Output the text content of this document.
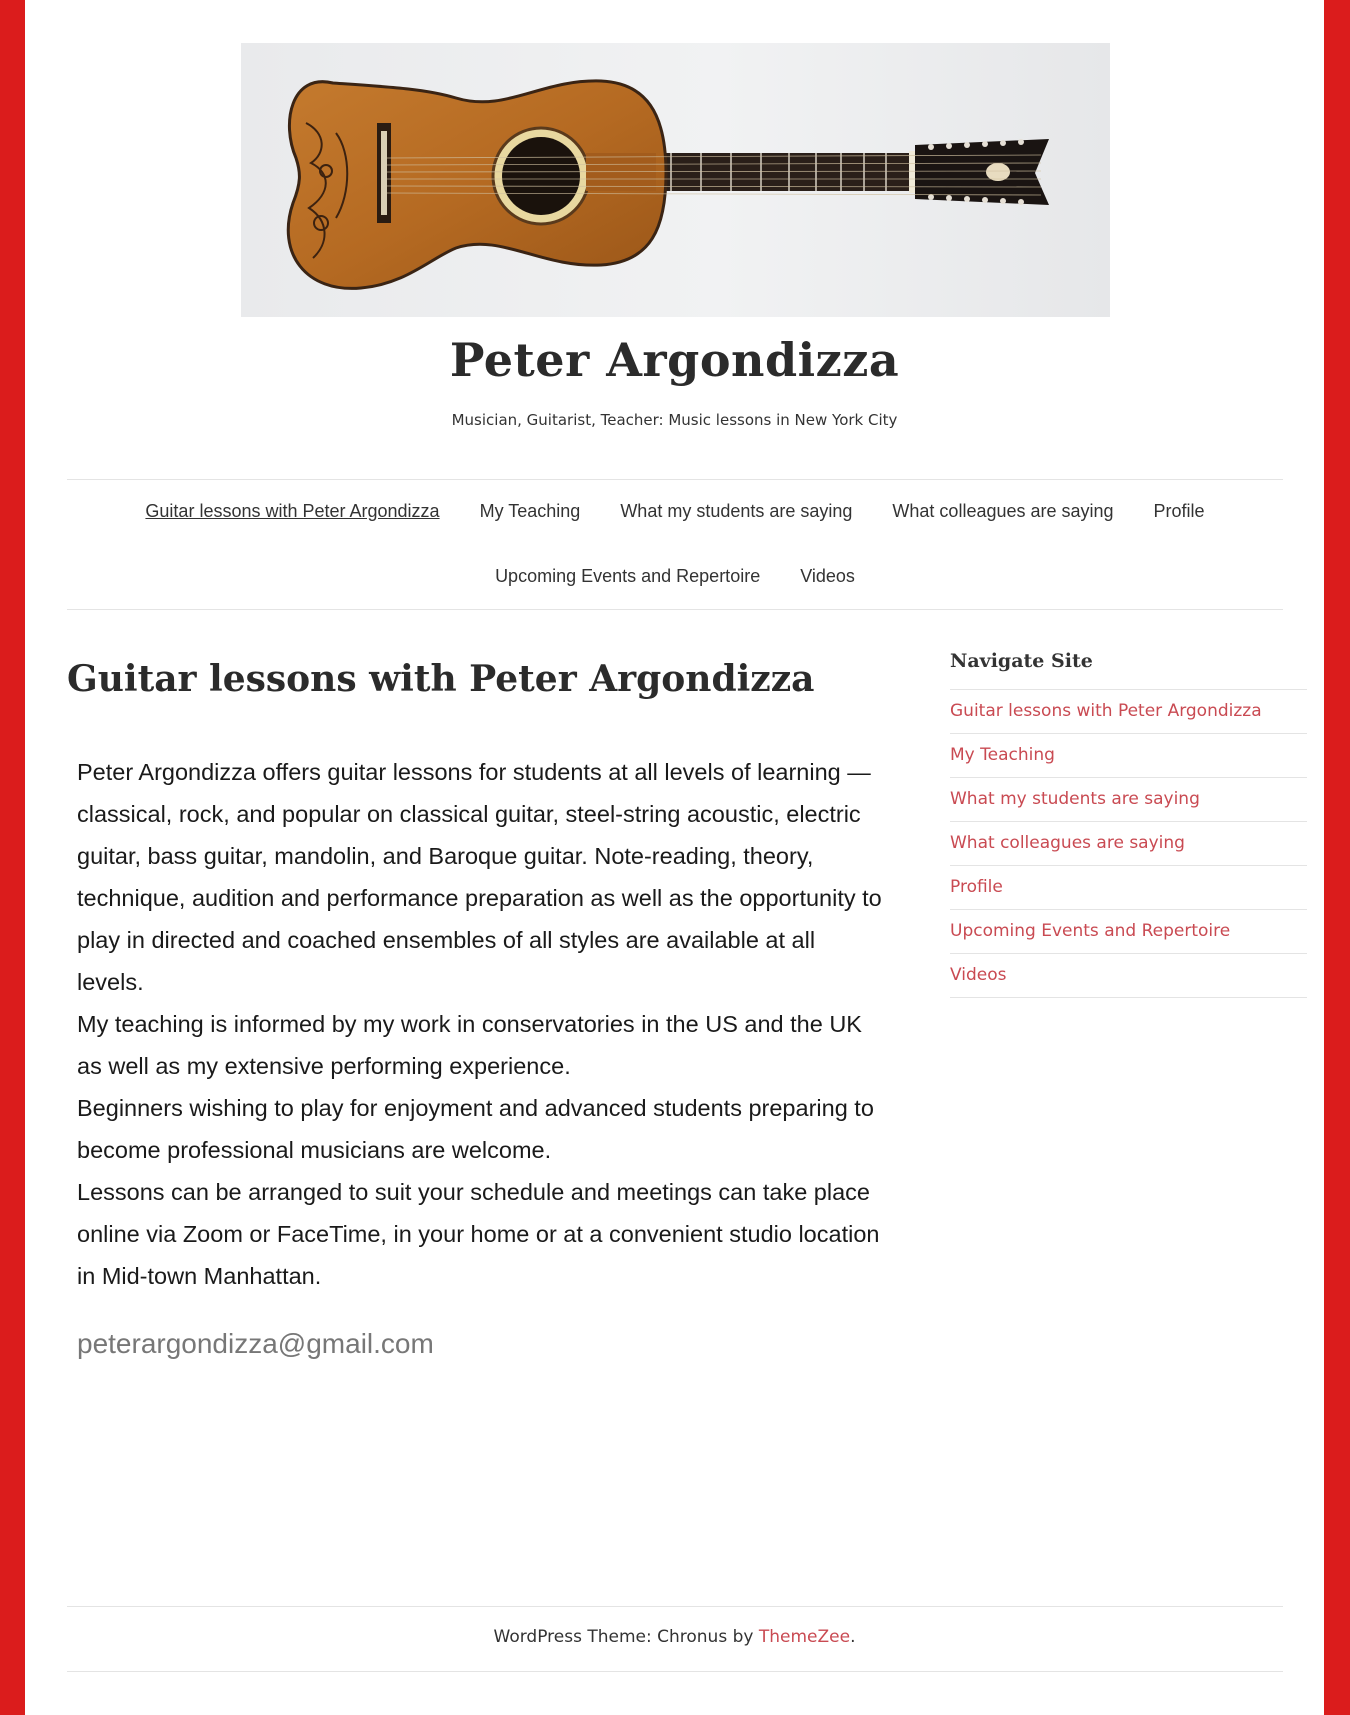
Peter Argondizza

Musician, Guitarist, Teacher: Music lessons in New York City

Guitar lessons with Peter Argondizza My Teaching What my students are saying What colleagues are saying Profile
Upcoming Events and Repertoire Videos
Guitar lessons with Peter Argondizza

Peter Argondizza offers guitar lessons for students at all levels of learning — classical, rock, and popular on classical guitar, steel-string acoustic, electric guitar, bass guitar, mandolin, and Baroque guitar. Note-reading, theory, technique, audition and performance preparation as well as the opportunity to play in directed and coached ensembles of all styles are available at all levels.

My teaching is informed by my work in conservatories in the US and the UK as well as my extensive performing experience.

Beginners wishing to play for enjoyment and advanced students preparing to become professional musicians are welcome.

Lessons can be arranged to suit your schedule and meetings can take place online via Zoom or FaceTime, in your home or at a convenient studio location in Mid-town Manhattan.

peterargondizza@gmail.com
Navigate Site
Guitar lessons with Peter Argondizza
My Teaching
What my students are saying
What colleagues are saying
Profile
Upcoming Events and Repertoire
Videos
WordPress Theme: Chronus by ThemeZee.
